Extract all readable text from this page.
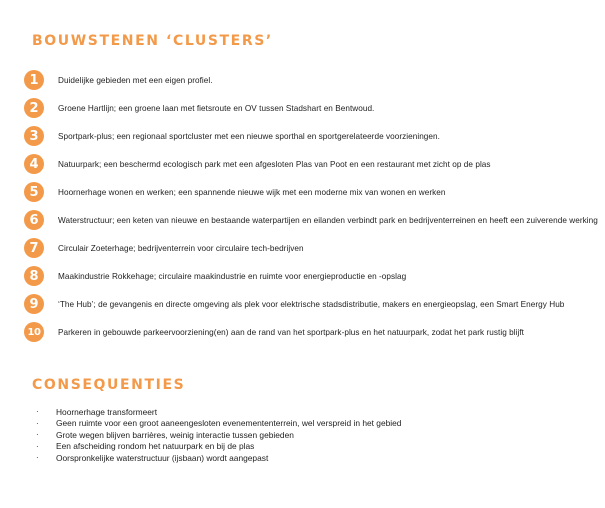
BOUWSTENEN ‘CLUSTERS’
1	Duidelijke gebieden met een eigen profiel.
2	Groene Hartlijn; een groene laan met fietsroute en OV tussen Stadshart en Bentwoud.
3	Sportpark-plus; een regionaal sportcluster met een nieuwe sporthal en sportgerelateerde voorzieningen.
4	Natuurpark; een beschermd ecologisch park met een afgesloten Plas van Poot en een restaurant met zicht op de plas
5	Hoornerhage wonen en werken; een spannende nieuwe wijk met een moderne mix van wonen en werken
6	Waterstructuur; een keten van nieuwe en bestaande waterpartijen en eilanden verbindt park en bedrijventerreinen en heeft een zuiverende werking
7	Circulair Zoeterhage; bedrijventerrein voor circulaire tech-bedrijven
8	Maakindustrie Rokkehage; circulaire maakindustrie en ruimte voor energieproductie en -opslag
9	‘The Hub’; de gevangenis en directe omgeving als plek voor elektrische stadsdistributie, makers en energieopslag, een Smart Energy Hub
10	Parkeren in gebouwde parkeervoorziening(en) aan de rand van het sportpark-plus en het natuurpark, zodat het park rustig blijft
CONSEQUENTIES
·	Hoornerhage transformeert
·	Geen ruimte voor een groot aaneengesloten evenemententerrein, wel verspreid in het gebied
·	Grote wegen blijven barrières, weinig interactie tussen gebieden
·	Een afscheiding rondom het natuurpark en bij de plas
·	Oorspronkelijke waterstructuur (ijsbaan) wordt aangepast
